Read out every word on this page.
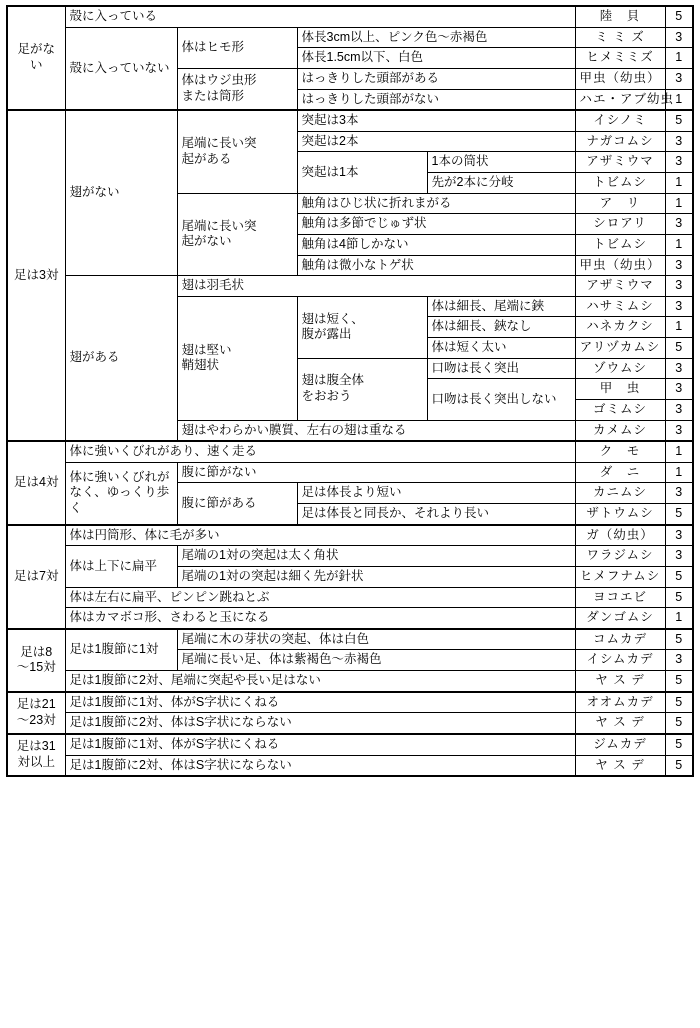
足がない	殻に入っている				陸　貝	5
	殻に入っていない	体はヒモ形	体長3cm以上、ピンク色～赤褐色		ミ ミ ズ	3
			体長1.5cm以下、白色		ヒメミミズ	1
		体はウジ虫形
または筒形	はっきりした頭部がある		甲虫（幼虫）	3
			はっきりした頭部がない		ハエ・アブ幼虫	1
足は3対	翅がない	尾端に長い突
起がある	突起は3本		イシノミ	5
			突起は2本		ナガコムシ	3
			突起は1本	1本の筒状	アザミウマ	3
				先が2本に分岐	トビムシ	1
		尾端に長い突
起がない	触角はひじ状に折れまがる		ア　リ	1
			触角は多節でじゅず状		シロアリ	3
			触角は4節しかない		トビムシ	1
			触角は微小なトゲ状		甲虫（幼虫）	3
	翅がある	翅は羽毛状			アザミウマ	3
		翅は堅い
鞘翅状	翅は短く、
腹が露出	体は細長、尾端に鋏	ハサミムシ	3
				体は細長、鋏なし	ハネカクシ	1
				体は短く太い	アリヅカムシ	5
			翅は腹全体
をおおう	口吻は長く突出	ゾウムシ	3
				口吻は長く突出しない	甲　虫	3
					ゴミムシ	3
		翅はやわらかい膜質、左右の翅は重なる			カメムシ	3
足は4対	体に強いくびれがあり、速く走る				ク　モ	1
	体に強いくびれが
なく、ゆっくり歩
く	腹に節がない			ダ　ニ	1
		腹に節がある	足は体長より短い		カニムシ	3
			足は体長と同長か、それより長い		ザトウムシ	5
足は7対	体は円筒形、体に毛が多い				ガ（幼虫）	3
	体は上下に扁平	尾端の1対の突起は太く角状			ワラジムシ	3
		尾端の1対の突起は細く先が針状			ヒメフナムシ	5
	体は左右に扁平、ピンピン跳ねとぶ				ヨコエビ	5
	体はカマボコ形、さわると玉になる				ダンゴムシ	1
足は8
～15対	足は1腹節に1対	尾端に木の芽状の突起、体は白色			コムカデ	5
		尾端に長い足、体は紫褐色～赤褐色			イシムカデ	3
	足は1腹節に2対、尾端に突起や長い足はない				ヤ ス デ	5
足は21
～23対	足は1腹節に1対、体がS字状にくねる				オオムカデ	5
	足は1腹節に2対、体はS字状にならない				ヤ ス デ	5
足は31
対以上	足は1腹節に1対、体がS字状にくねる				ジムカデ	5
	足は1腹節に2対、体はS字状にならない				ヤ ス デ	5
